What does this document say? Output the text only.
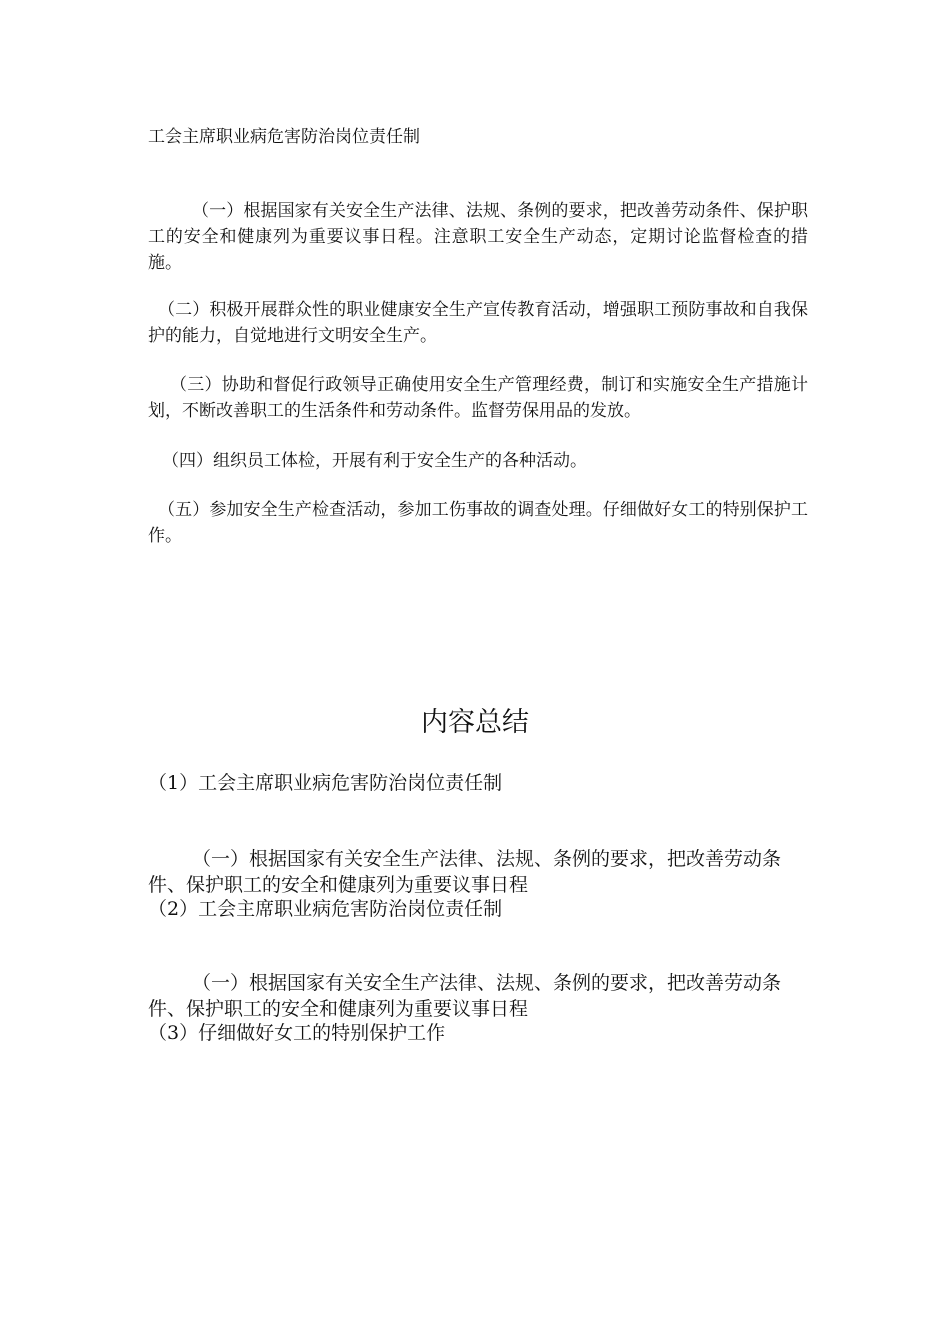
工会主席职业病危害防治岗位责任制

（一）根据国家有关安全生产法律、法规、条例的要求，把改善劳动条件、保护职工的安全和健康列为重要议事日程。注意职工安全生产动态，定期讨论监督检查的措施。

（二）积极开展群众性的职业健康安全生产宣传教育活动，增强职工预防事故和自我保护的能力，自觉地进行文明安全生产。

（三）协助和督促行政领导正确使用安全生产管理经费，制订和实施安全生产措施计划，不断改善职工的生活条件和劳动条件。监督劳保用品的发放。

（四）组织员工体检，开展有利于安全生产的各种活动。

（五）参加安全生产检查活动，参加工伤事故的调查处理。仔细做好女工的特别保护工作。

内容总结

（1）工会主席职业病危害防治岗位责任制

（一）根据国家有关安全生产法律、法规、条例的要求，把改善劳动条件、保护职工的安全和健康列为重要议事日程

（2）工会主席职业病危害防治岗位责任制

（一）根据国家有关安全生产法律、法规、条例的要求，把改善劳动条件、保护职工的安全和健康列为重要议事日程

（3）仔细做好女工的特别保护工作
